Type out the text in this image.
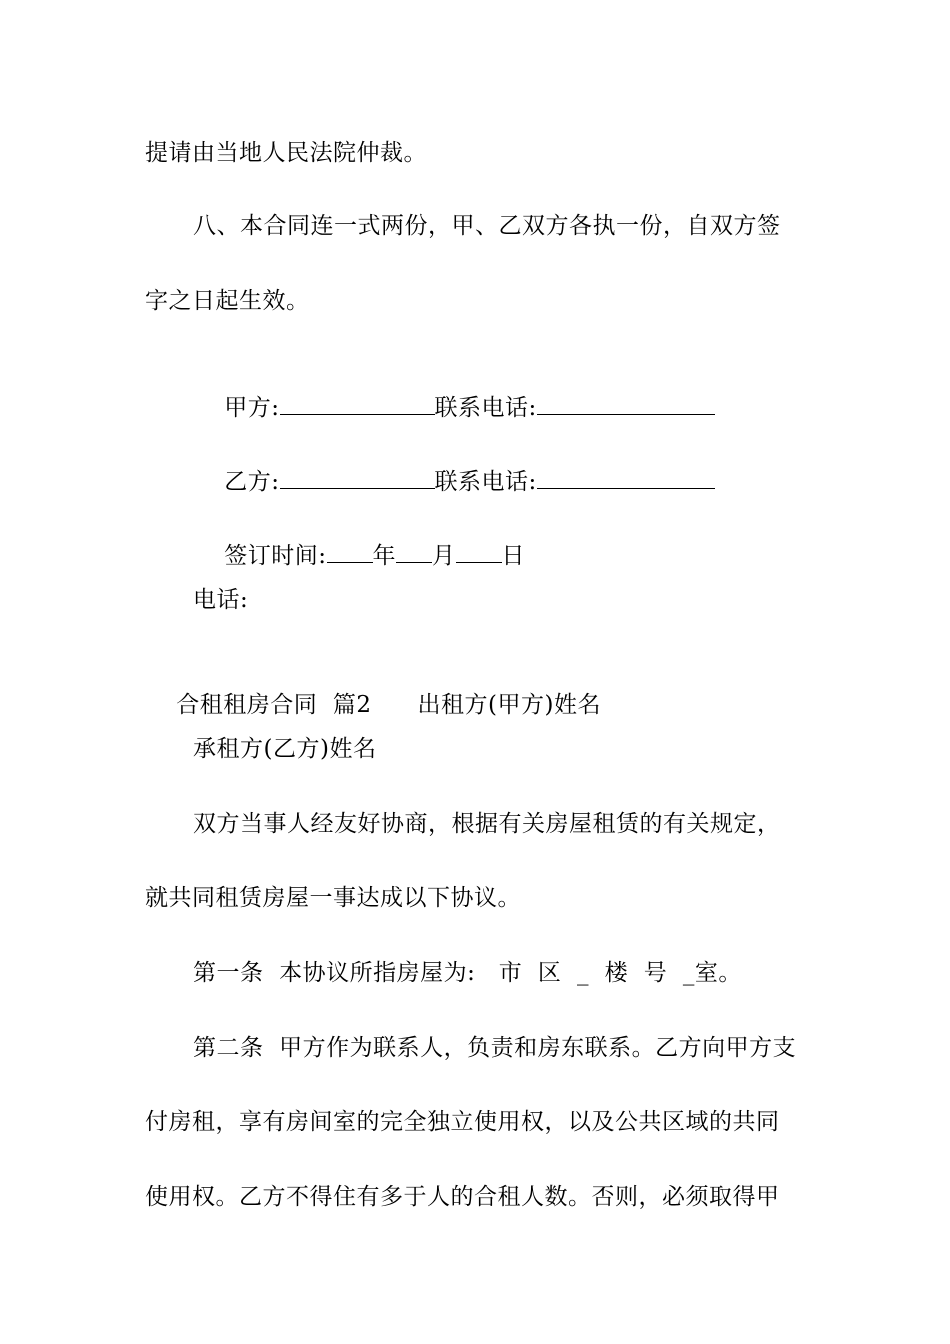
提请由当地人民法院仲裁。
八、本合同连一式两份，甲、乙双方各执一份，自双方签
字之日起生效。

甲方:	联系电话:

乙方:	联系电话:

签订时间: 年 月 日

电话:

合租租房合同  篇2 出租方(甲方)姓名

承租方(乙方)姓名
双方当事人经友好协商，根据有关房屋租赁的有关规定，
就共同租赁房屋一事达成以下协议。
第一条  本协议所指房屋为:   市  区  _  楼  号  _室。
第二条  甲方作为联系人，负责和房东联系。乙方向甲方支
付房租，享有房间室的完全独立使用权，以及公共区域的共同
使用权。乙方不得住有多于人的合租人数。否则，必须取得甲
